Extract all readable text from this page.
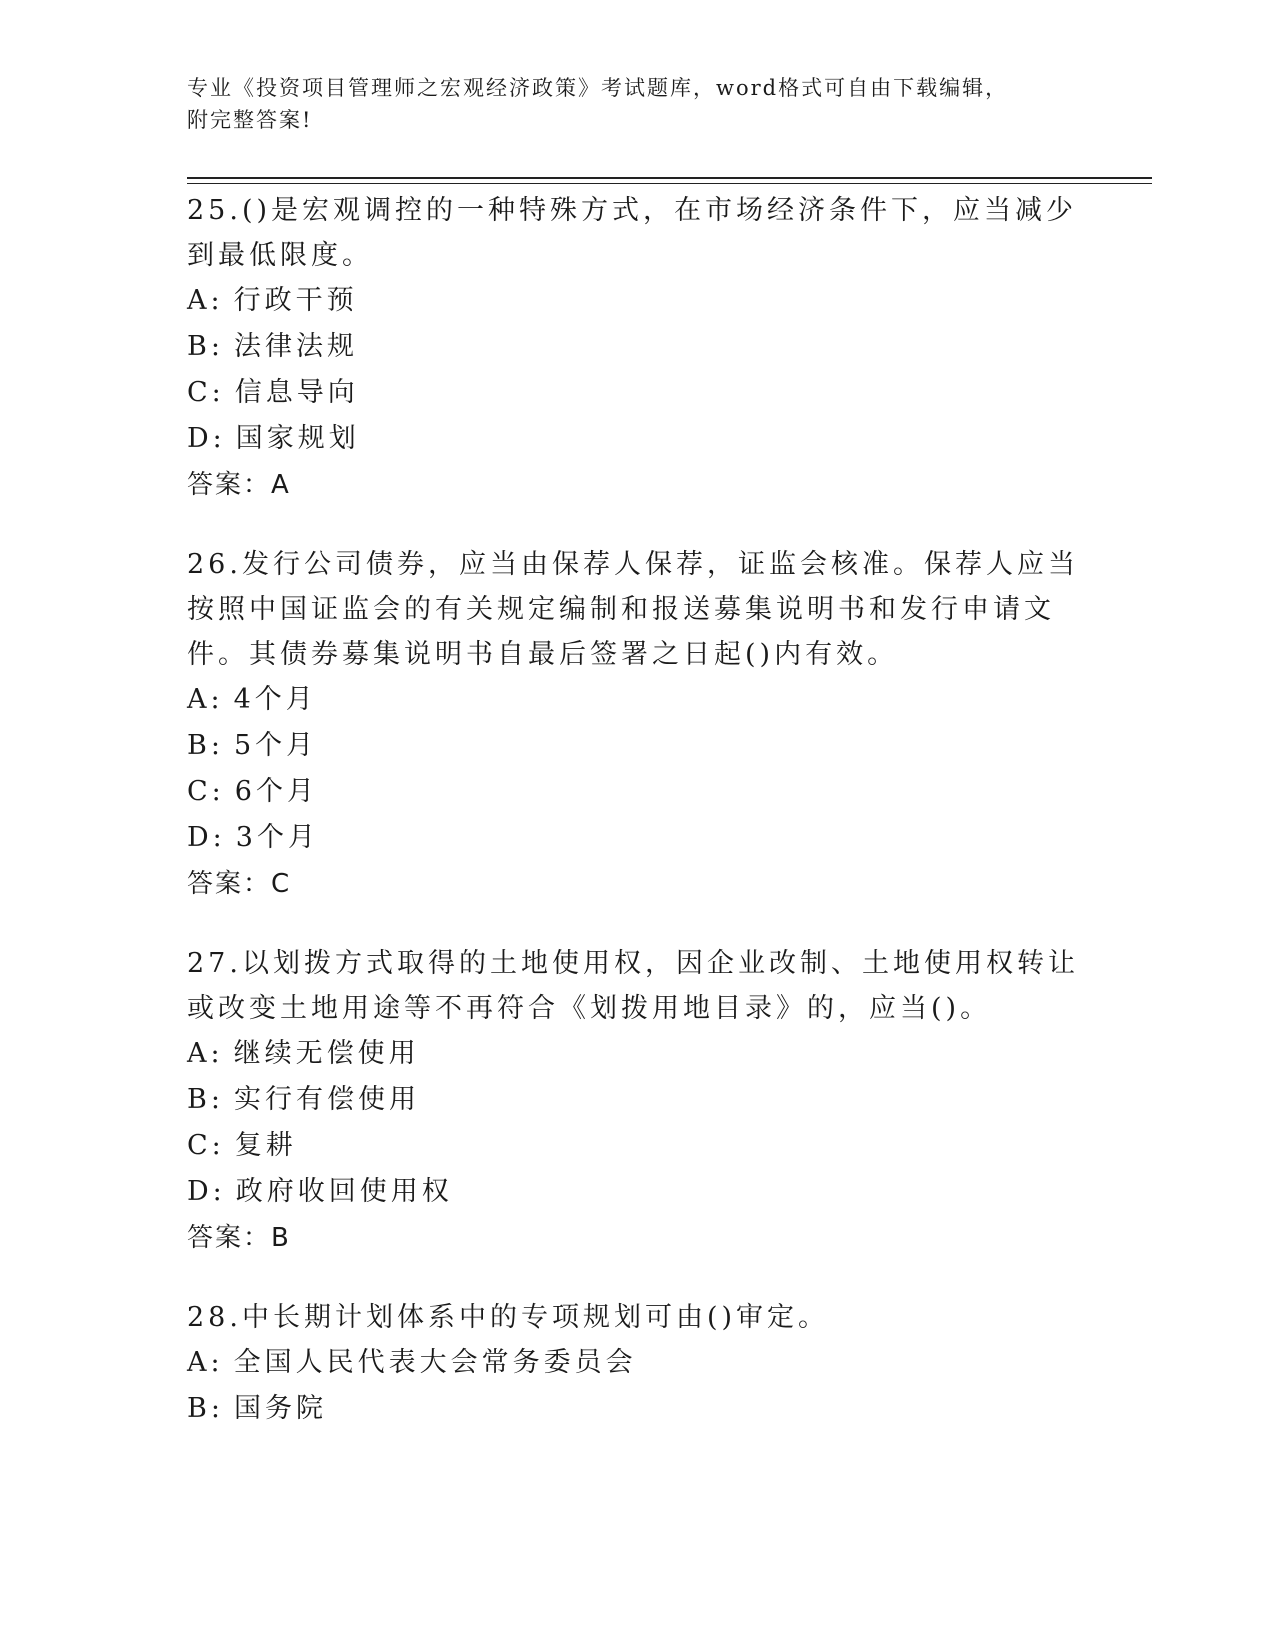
专业《投资项目管理师之宏观经济政策》考试题库，word格式可自由下载编辑，
附完整答案!

25.()是宏观调控的一种特殊方式，在市场经济条件下，应当减少到最低限度。

A: 行政干预
B: 法律法规
C: 信息导向
D: 国家规划
答案：A

26.发行公司债券，应当由保荐人保荐，证监会核准。保荐人应当按照中国证监会的有关规定编制和报送募集说明书和发行申请文件。其债券募集说明书自最后签署之日起()内有效。

A: 4个月
B: 5个月
C: 6个月
D: 3个月
答案：C

27.以划拨方式取得的土地使用权，因企业改制、土地使用权转让或改变土地用途等不再符合《划拨用地目录》的，应当()。

A: 继续无偿使用
B: 实行有偿使用
C: 复耕
D: 政府收回使用权
答案：B

28.中长期计划体系中的专项规划可由()审定。

A: 全国人民代表大会常务委员会
B: 国务院
